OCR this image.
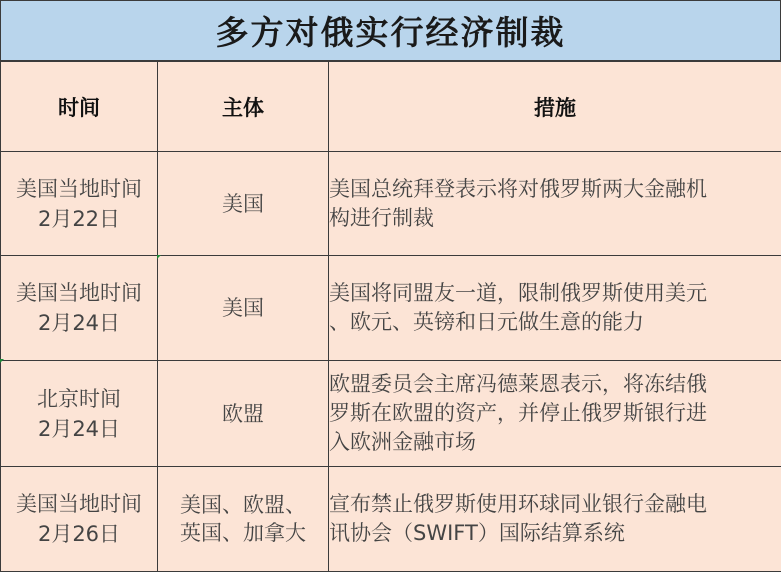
多方对俄实行经济制裁
时间	主体	措施

美国当地时间
2月22日	美国	美国总统拜登表示将对俄罗斯两大金融机
构进行制裁

美国当地时间
2月24日	美国	美国将同盟友一道，限制俄罗斯使用美元
、欧元、英镑和日元做生意的能力

北京时间
2月24日	欧盟	欧盟委员会主席冯德莱恩表示，将冻结俄
罗斯在欧盟的资产，并停止俄罗斯银行进
入欧洲金融市场

美国当地时间
2月26日	美国、欧盟、
英国、加拿大	宣布禁止俄罗斯使用环球同业银行金融电
讯协会（SWIFT）国际结算系统
